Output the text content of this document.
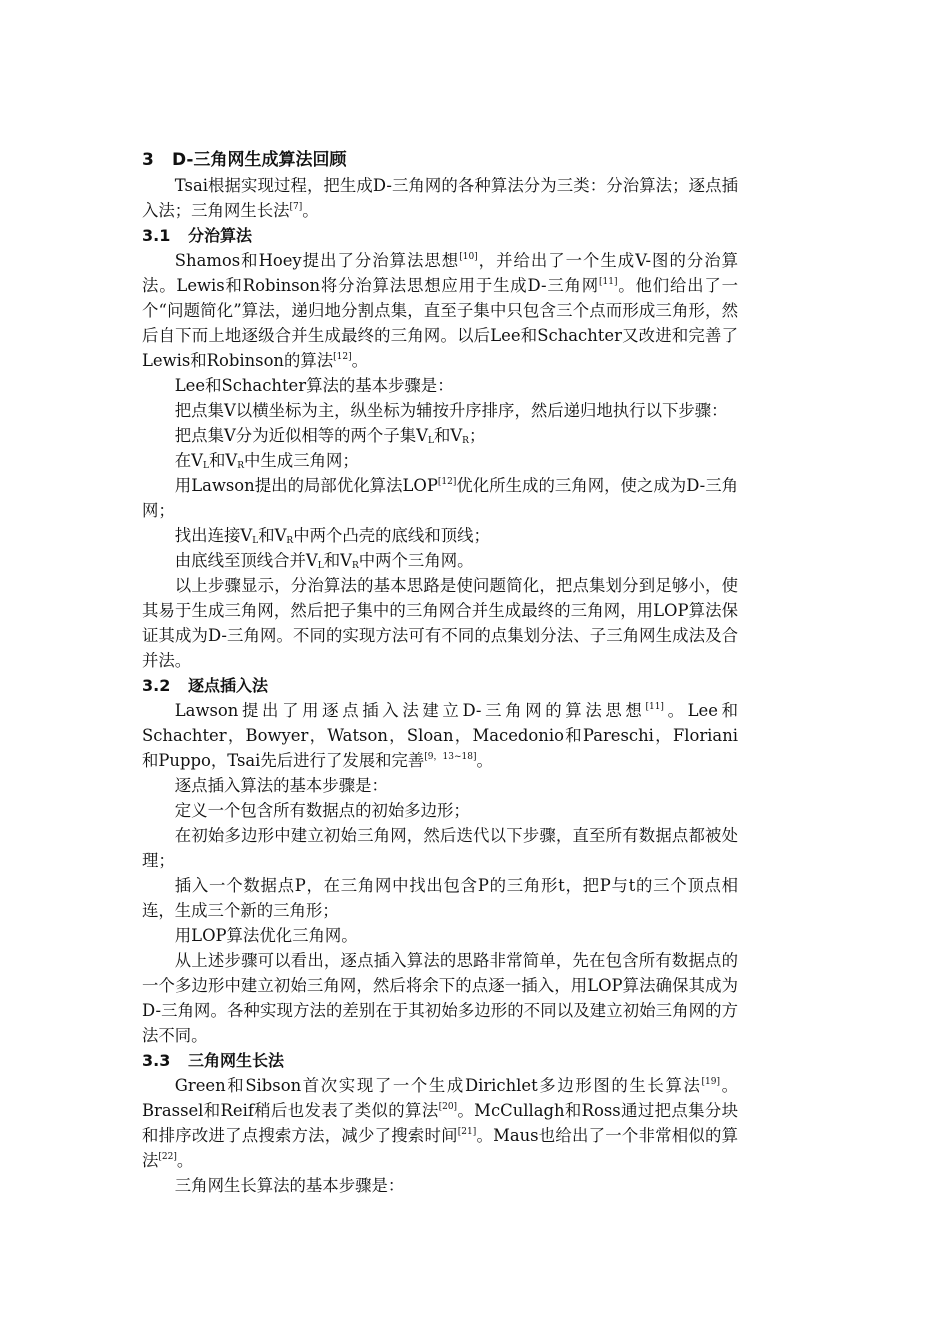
3 D-三角网生成算法回顾

Tsai根据实现过程，把生成D-三角网的各种算法分为三类：分治算法；逐点插入法；三角网生长法[7]。

3.1 分治算法

Shamos和Hoey提出了分治算法思想[10]，并给出了一个生成V-图的分治算法。Lewis和Robinson将分治算法思想应用于生成D-三角网[11]。他们给出了一个“问题简化”算法，递归地分割点集，直至子集中只包含三个点而形成三角形，然后自下而上地逐级合并生成最终的三角网。以后Lee和Schachter又改进和完善了Lewis和Robinson的算法[12]。

Lee和Schachter算法的基本步骤是：

把点集V以横坐标为主，纵坐标为辅按升序排序，然后递归地执行以下步骤：

把点集V分为近似相等的两个子集$V_L$和$V_R$；

在$V_L$和$V_R$中生成三角网；

用Lawson提出的局部优化算法LOP[12]优化所生成的三角网，使之成为D-三角网；

找出连接$V_L$和$V_R$中两个凸壳的底线和顶线；

由底线至顶线合并$V_L$和$V_R$中两个三角网。

以上步骤显示，分治算法的基本思路是使问题简化，把点集划分到足够小，使其易于生成三角网，然后把子集中的三角网合并生成最终的三角网，用LOP算法保证其成为D-三角网。不同的实现方法可有不同的点集划分法、子三角网生成法及合并法。

3.2 逐点插入法

Lawson提出了用逐点插入法建立D-三角网的算法思想[11]。Lee和Schachter，Bowyer，Watson，Sloan，Macedonio和Pareschi，Floriani和Puppo，Tsai先后进行了发展和完善[9，13~18]。

逐点插入算法的基本步骤是：

定义一个包含所有数据点的初始多边形；

在初始多边形中建立初始三角网，然后迭代以下步骤，直至所有数据点都被处理；

插入一个数据点P，在三角网中找出包含P的三角形t，把P与t的三个顶点相连，生成三个新的三角形；

用LOP算法优化三角网。

从上述步骤可以看出，逐点插入算法的思路非常简单，先在包含所有数据点的一个多边形中建立初始三角网，然后将余下的点逐一插入，用LOP算法确保其成为D-三角网。各种实现方法的差别在于其初始多边形的不同以及建立初始三角网的方法不同。

3.3 三角网生长法

Green和Sibson首次实现了一个生成Dirichlet多边形图的生长算法[19]。Brassel和Reif稍后也发表了类似的算法[20]。McCullagh和Ross通过把点集分块和排序改进了点搜索方法，减少了搜索时间[21]。Maus也给出了一个非常相似的算法[22]。

三角网生长算法的基本步骤是：
